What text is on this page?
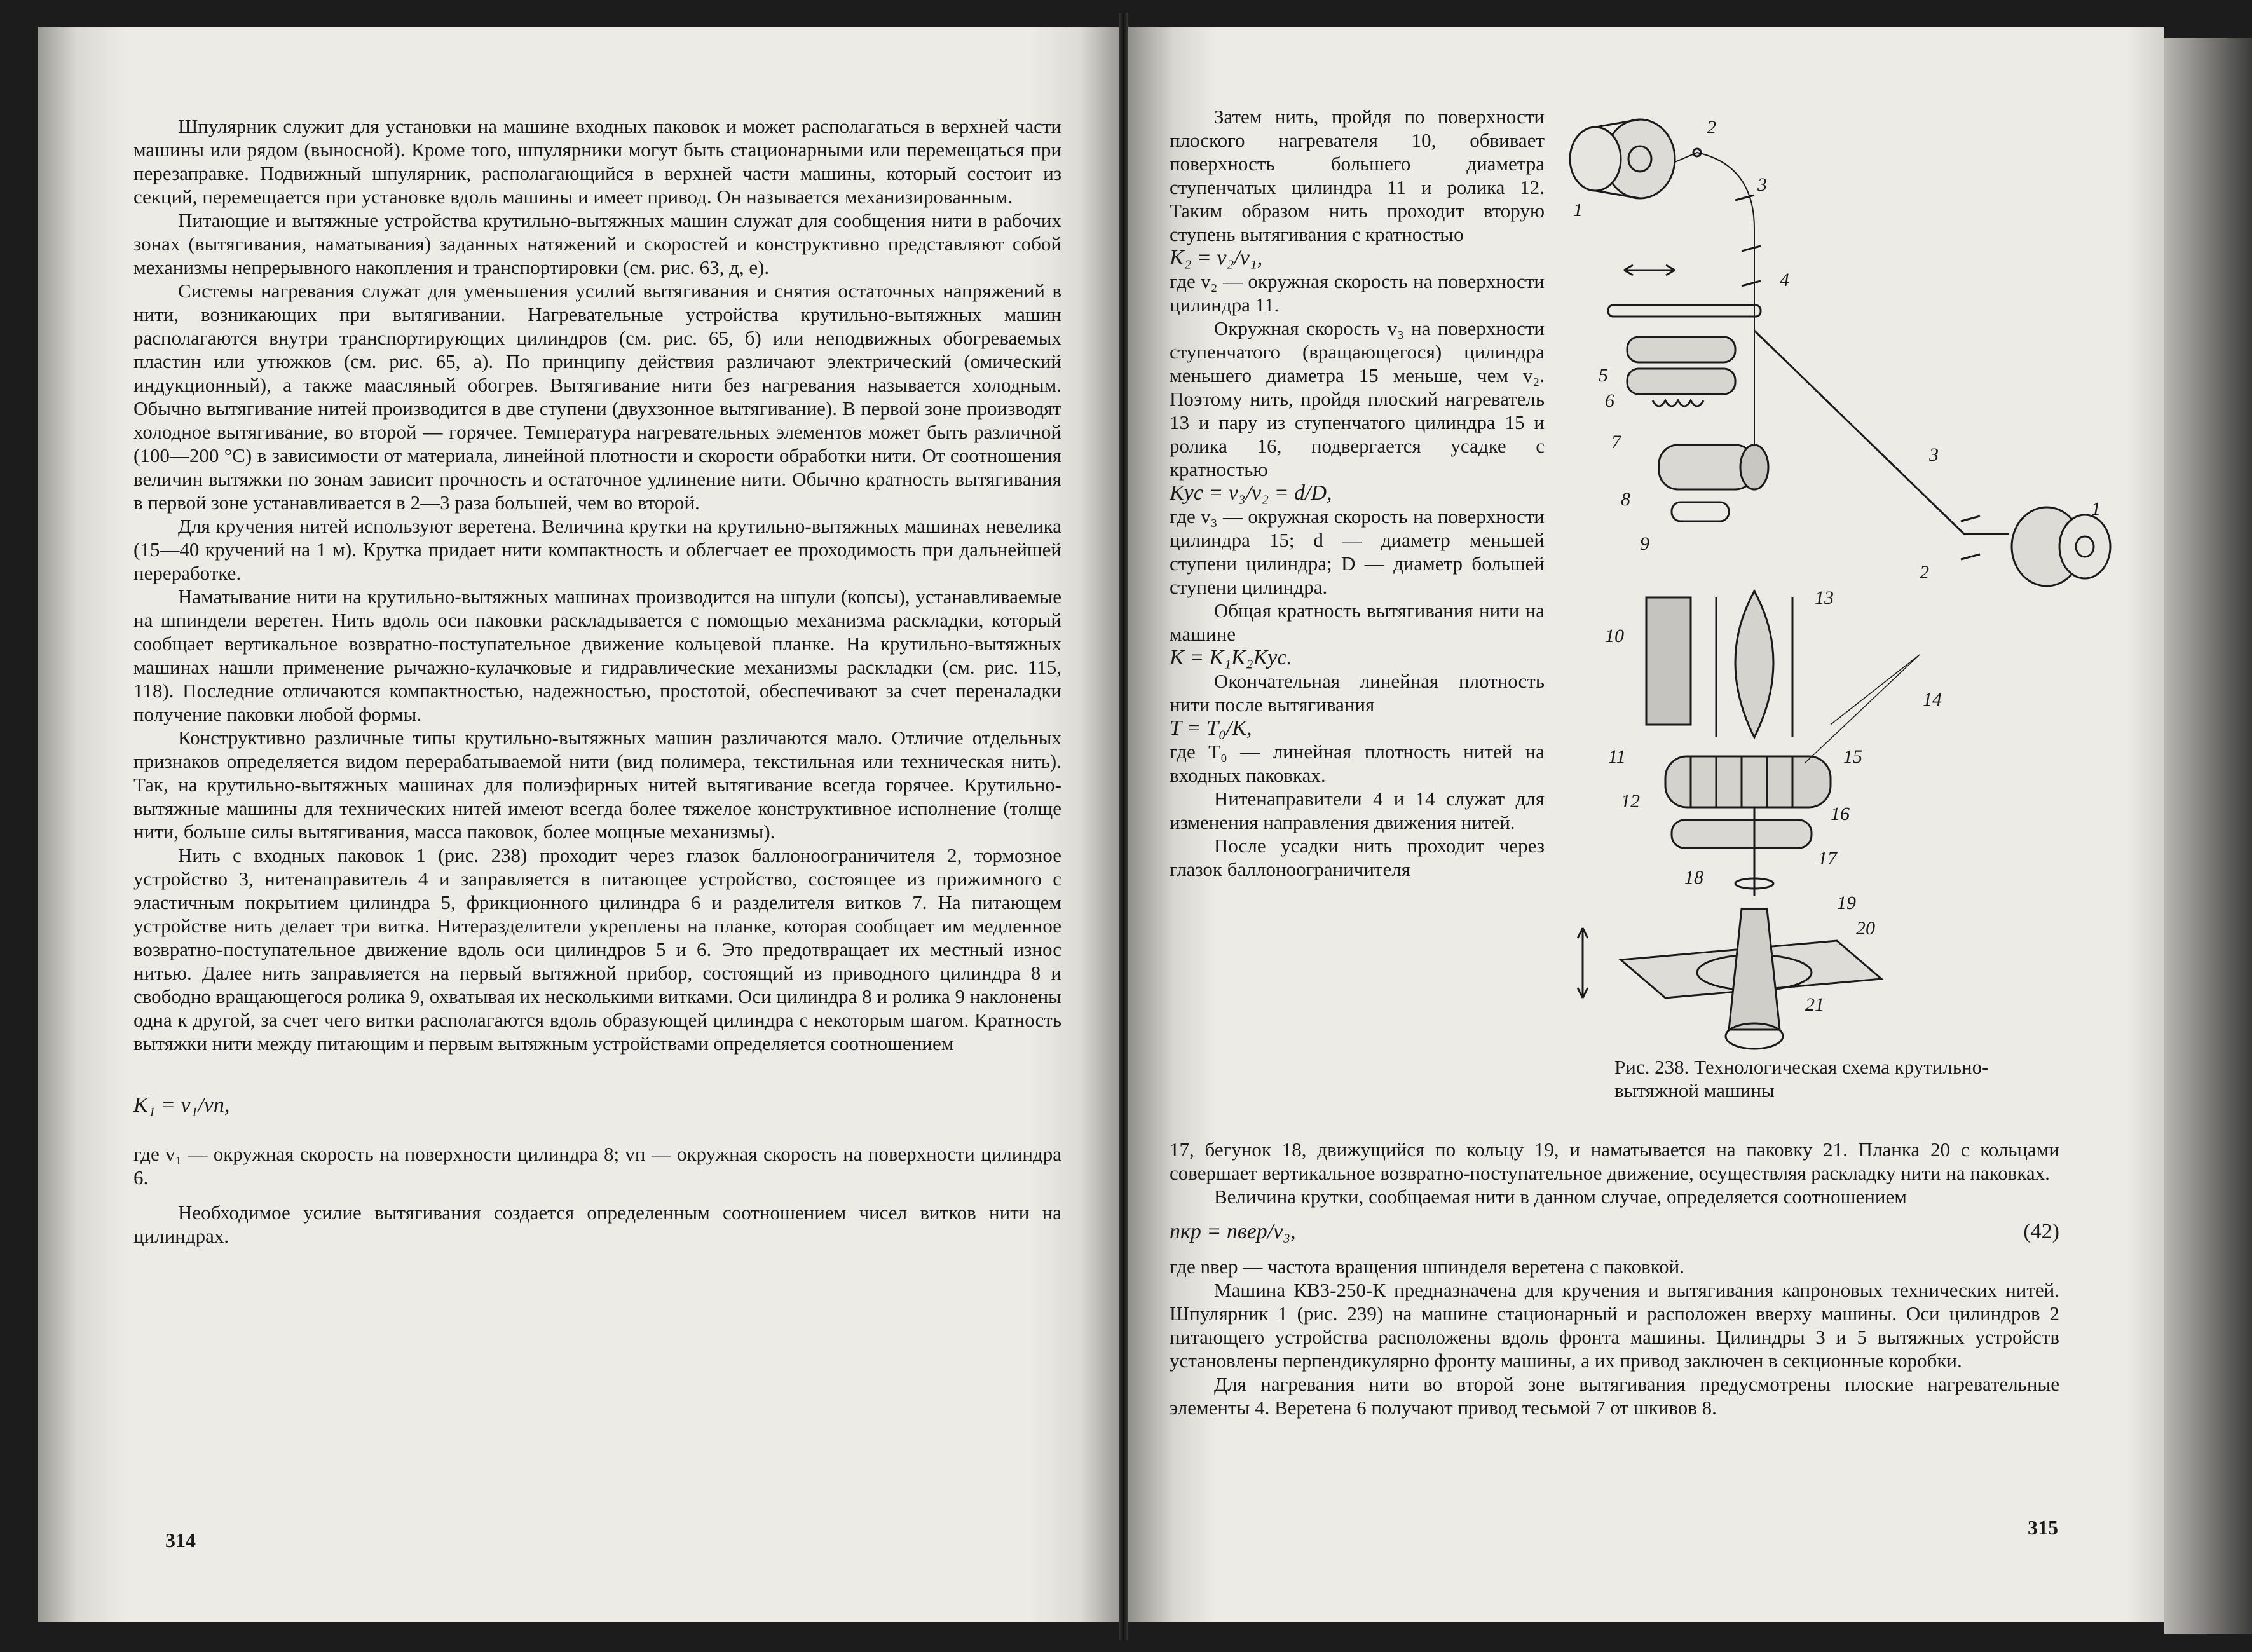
Шпулярник служит для установки на машине входных паковок и может располагаться в верхней части машины или рядом (выносной). Кроме того, шпулярники могут быть стационарными или перемещаться при перезаправке. Подвижный шпулярник, располагающийся в верхней части машины, который состоит из секций, перемещается при установке вдоль машины и имеет привод. Он называется механизированным.

Питающие и вытяжные устройства крутильно-вытяжных машин служат для сообщения нити в рабочих зонах (вытягивания, наматывания) заданных натяжений и скоростей и конструктивно представляют собой механизмы непрерывного накопления и транспортировки (см. рис. 63, д, е).

Системы нагревания служат для уменьшения усилий вытягивания и снятия остаточных напряжений в нити, возникающих при вытягивании. Нагревательные устройства крутильно-вытяжных машин располагаются внутри транспортирующих цилиндров (см. рис. 65, б) или неподвижных обогреваемых пластин или утюжков (см. рис. 65, а). По принципу действия различают электрический (омический индукционный), а также маасляный обогрев. Вытягивание нити без нагревания называется холодным. Обычно вытягивание нитей производится в две ступени (двухзонное вытягивание). В первой зоне производят холодное вытягивание, во второй — горячее. Температура нагревательных элементов может быть различной (100—200 °С) в зависимости от материала, линейной плотности и скорости обработки нити. От соотношения величин вытяжки по зонам зависит прочность и остаточное удлинение нити. Обычно кратность вытягивания в первой зоне устанавливается в 2—3 раза большей, чем во второй.

Для кручения нитей используют веретена. Величина крутки на крутильно-вытяжных машинах невелика (15—40 кручений на 1 м). Крутка придает нити компактность и облегчает ее проходимость при дальнейшей переработке.

Наматывание нити на крутильно-вытяжных машинах производится на шпули (копсы), устанавливаемые на шпиндели веретен. Нить вдоль оси паковки раскладывается с помощью механизма раскладки, который сообщает вертикальное возвратно-поступательное движение кольцевой планке. На крутильно-вытяжных машинах нашли применение рычажно-кулачковые и гидравлические механизмы раскладки (см. рис. 115, 118). Последние отличаются компактностью, надежностью, простотой, обеспечивают за счет переналадки получение паковки любой формы.

Конструктивно различные типы крутильно-вытяжных машин различаются мало. Отличие отдельных признаков определяется видом перерабатываемой нити (вид полимера, текстильная или техническая нить). Так, на крутильно-вытяжных машинах для полиэфирных нитей вытягивание всегда горячее. Крутильно-вытяжные машины для технических нитей имеют всегда более тяжелое конструктивное исполнение (толще нити, больше силы вытягивания, масса паковок, более мощные механизмы).

Нить с входных паковок 1 (рис. 238) проходит через глазок баллоноограничителя 2, тормозное устройство 3, нитенаправитель 4 и заправляется в питающее устройство, состоящее из прижимного с эластичным покрытием цилиндра 5, фрикционного цилиндра 6 и разделителя витков 7. На питающем устройстве нить делает три витка. Нитеразделители укреплены на планке, которая сообщает им медленное возвратно-поступательное движение вдоль оси цилиндров 5 и 6. Это предотвращает их местный износ нитью. Далее нить заправляется на первый вытяжной прибор, состоящий из приводного цилиндра 8 и свободно вращающегося ролика 9, охватывая их несколькими витками. Оси цилиндра 8 и ролика 9 наклонены одна к другой, за счет чего витки располагаются вдоль образующей цилиндра с некоторым шагом. Кратность вытяжки нити между питающим и первым вытяжным устройствами определяется соотношением

K₁ = v₁/vп,

где v₁ — окружная скорость на поверхности цилиндра 8; vп — окружная скорость на поверхности цилиндра 6.

Необходимое усилие вытягивания создается определенным соотношением чисел витков нити на цилиндрах.

314

Затем нить, пройдя по поверхности плоского нагревателя 10, обвивает поверхность большего диаметра ступенчатых цилиндра 11 и ролика 12. Таким образом нить проходит вторую ступень вытягивания с кратностью

K₂ = v₂/v₁,

где v₂ — окружная скорость на поверхности цилиндра 11.

Окружная скорость v₃ на поверхности ступенчатого (вращающегося) цилиндра меньшего диаметра 15 меньше, чем v₂. Поэтому нить, пройдя плоский нагреватель 13 и пару из ступенчатого цилиндра 15 и ролика 16, подвергается усадке с кратностью

Kус = v₃/v₂ = d/D,

где v₃ — окружная скорость на поверхности цилиндра 15; d — диаметр меньшей ступени цилиндра; D — диаметр большей ступени цилиндра.

Общая кратность вытягивания нити на машине

K = K₁K₂Kус.

Окончательная линейная плотность нити после вытягивания

T = T₀/K,

где T₀ — линейная плотность нитей на входных паковках.

Нитенаправители 4 и 14 служат для изменения направления движения нитей.

После усадки нить проходит через глазок баллоноограничителя

17, бегунок 18, движущийся по кольцу 19, и наматывается на паковку 21. Планка 20 с кольцами совершает вертикальное возвратно-поступательное движение, осуществляя раскладку нити на паковках.

Величина крутки, сообщаемая нити в данном случае, определяется соотношением

nкр = nвер/v₃,	(42)

где nвер — частота вращения шпинделя веретена с паковкой.

Машина КВЗ-250-К предназначена для кручения и вытягивания капроновых технических нитей. Шпулярник 1 (рис. 239) на машине стационарный и расположен вверху машины. Оси цилиндров 2 питающего устройства расположены вдоль фронта машины. Цилиндры 3 и 5 вытяжных устройств установлены перпендикулярно фронту машины, а их привод заключен в секционные коробки.

Для нагревания нити во второй зоне вытягивания предусмотрены плоские нагревательные элементы 4. Веретена 6 получают привод тесьмой 7 от шкивов 8.

315
1
2
3
4
5
6
7
8
9
10
11
12
13
14
15
16
17
18
19
20
21
1
2
3
Рис. 238. Технологическая схема крутильно-вытяжной машины
